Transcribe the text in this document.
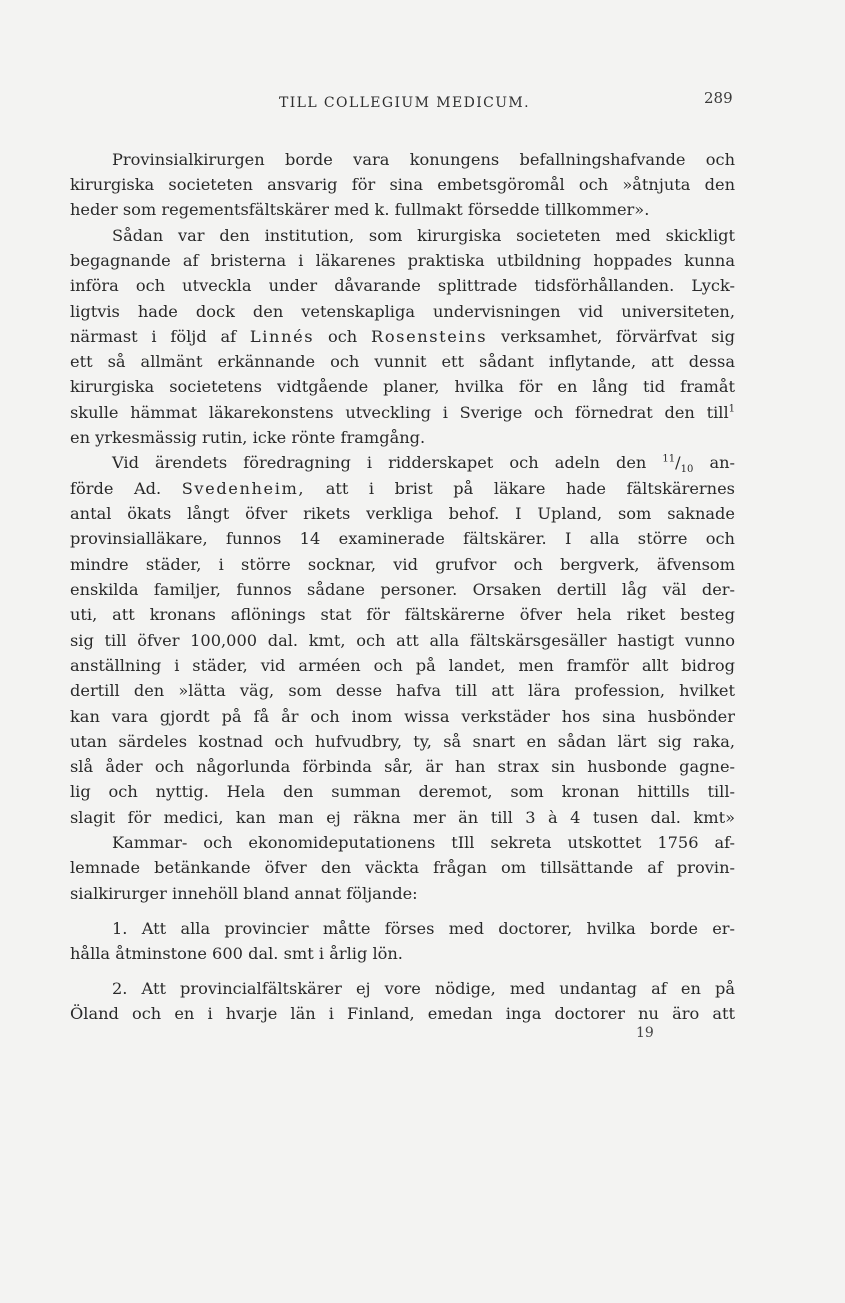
TILL COLLEGIUM MEDICUM.	289
Provinsialkirurgen borde vara konungens befallningshafvande och
kirurgiska societeten ansvarig för sina embetsgöromål och »åtnjuta den
heder som regementsfältskärer med k. fullmakt försedde tillkommer».
Sådan var den institution, som kirurgiska societeten med skickligt
begagnande af bristerna i läkarenes praktiska utbildning hoppades kunna
införa och utveckla under dåvarande splittrade tidsförhållanden. Lyck-
ligtvis hade dock den vetenskapliga undervisningen vid universiteten,
närmast i följd af Linnés och Rosensteins verksamhet, förvärfvat sig
ett så allmänt erkännande och vunnit ett sådant inflytande, att dessa
kirurgiska societetens vidtgående planer, hvilka för en lång tid framåt
skulle hämmat läkarekonstens utveckling i Sverige och förnedrat den till$^1$
en yrkesmässig rutin, icke rönte framgång.
Vid ärendets föredragning i ridderskapet och adeln den $^{11}/_{10}$ an-
förde Ad. Svedenheim, att i brist på läkare hade fältskärernes
antal ökats långt öfver rikets verkliga behof. I Upland, som saknade
provinsialläkare, funnos 14 examinerade fältskärer. I alla större och
mindre städer, i större socknar, vid grufvor och bergverk, äfvensom
enskilda familjer, funnos sådane personer. Orsaken dertill låg väl der-
uti, att kronans aflönings stat för fältskärerne öfver hela riket besteg
sig till öfver 100,000 dal. kmt, och att alla fältskärsgesäller hastigt vunno
anställning i städer, vid arméen och på landet, men framför allt bidrog
dertill den »lätta väg, som desse hafva till att lära profession, hvilket
kan vara gjordt på få år och inom wissa verkstäder hos sina husbönder
utan särdeles kostnad och hufvudbry, ty, så snart en sådan lärt sig raka,
slå åder och någorlunda förbinda sår, är han strax sin husbonde gagne-
lig och nyttig. Hela den summan deremot, som kronan hittills till-
slagit för medici, kan man ej räkna mer än till 3 à 4 tusen dal. kmt»
Kammar- och ekonomideputationens tIll sekreta utskottet 1756 af-
lemnade betänkande öfver den väckta frågan om tillsättande af provin-
sialkirurger innehöll bland annat följande:
1. Att alla provincier måtte förses med doctorer, hvilka borde er-
hålla åtminstone 600 dal. smt i årlig lön.
2. Att provincialfältskärer ej vore nödige, med undantag af en på
Öland och en i hvarje län i Finland, emedan inga doctorer nu äro att
19
